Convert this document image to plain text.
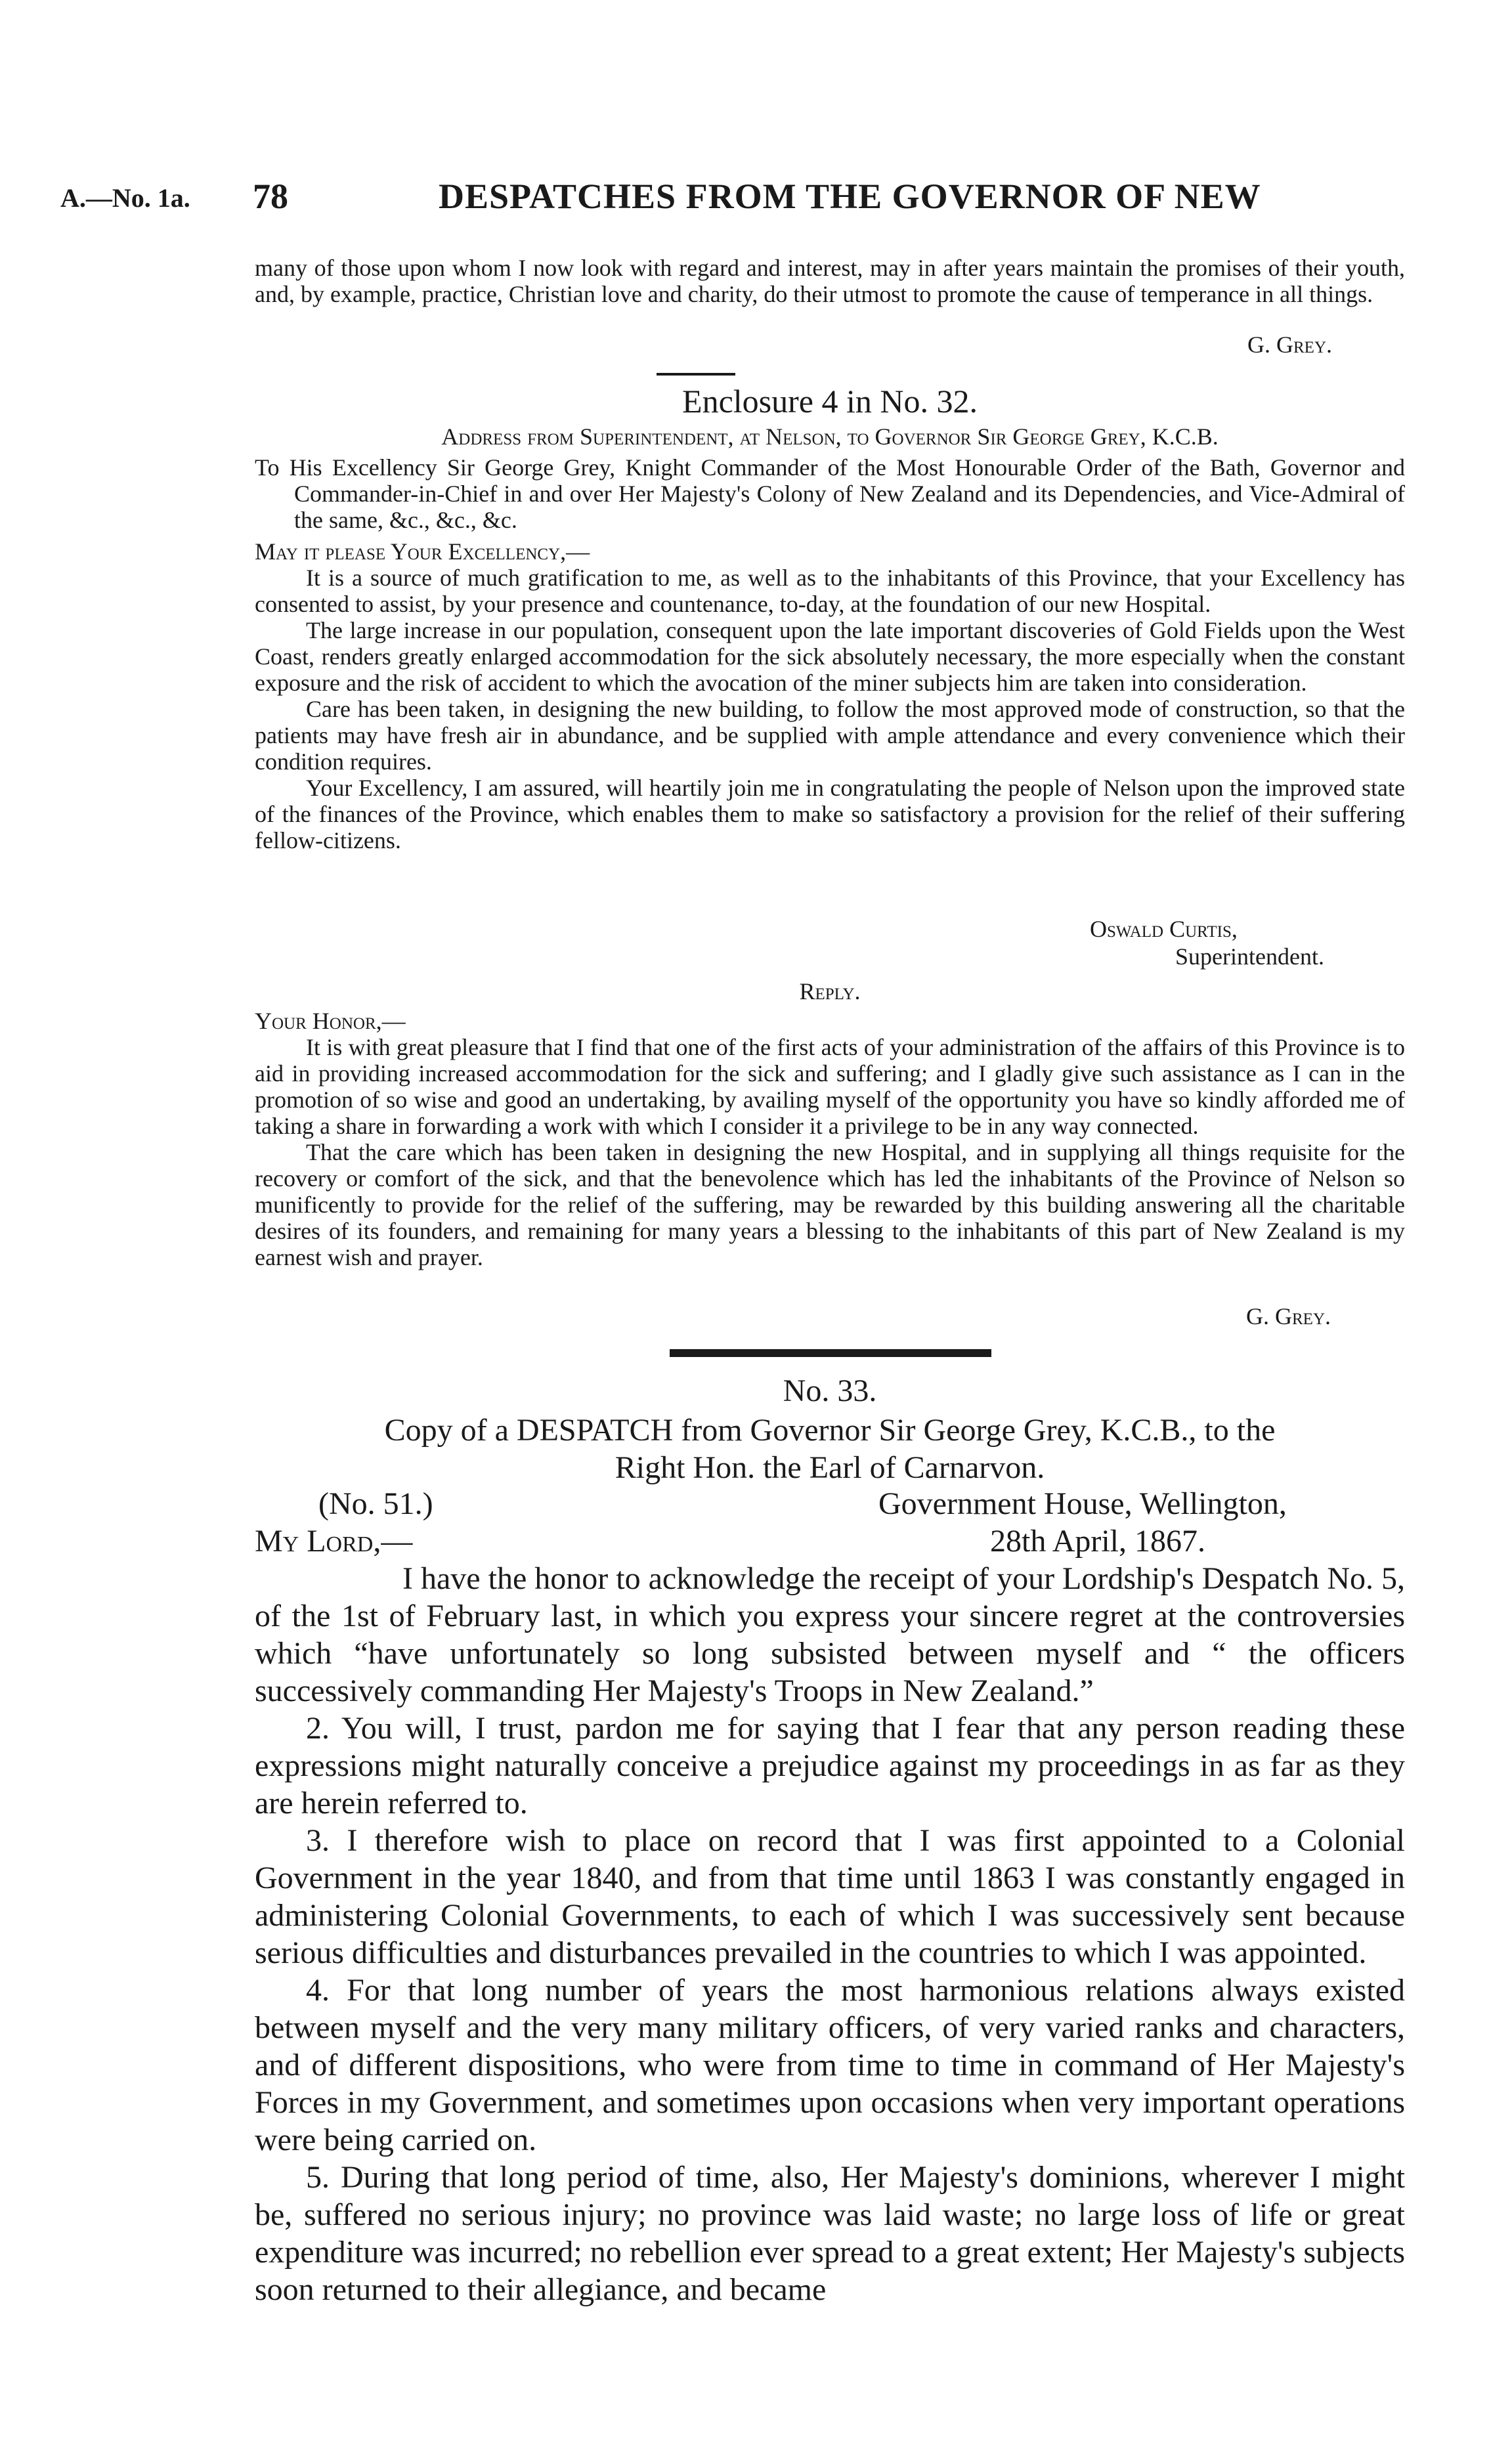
A.—No. 1a. 78	DESPATCHES FROM THE GOVERNOR OF NEW

many of those upon whom I now look with regard and interest, may in after years maintain the promises of their youth, and, by example, practice, Christian love and charity, do their utmost to promote the cause of temperance in all things.

G. Grey.
Enclosure 4 in No. 32.
Address from Superintendent, at Nelson, to Governor Sir George Grey, K.C.B.

To His Excellency Sir George Grey, Knight Commander of the Most Honourable Order of the Bath, Governor and Commander-in-Chief in and over Her Majesty's Colony of New Zealand and its Dependencies, and Vice-Admiral of the same, &c., &c., &c.

May it please Your Excellency,—

It is a source of much gratification to me, as well as to the inhabitants of this Province, that your Excellency has consented to assist, by your presence and countenance, to-day, at the foundation of our new Hospital.

The large increase in our population, consequent upon the late important discoveries of Gold Fields upon the West Coast, renders greatly enlarged accommodation for the sick absolutely necessary, the more especially when the constant exposure and the risk of accident to which the avocation of the miner subjects him are taken into consideration.

Care has been taken, in designing the new building, to follow the most approved mode of construction, so that the patients may have fresh air in abundance, and be supplied with ample attendance and every convenience which their condition requires.

Your Excellency, I am assured, will heartily join me in congratulating the people of Nelson upon the improved state of the finances of the Province, which enables them to make so satisfactory a provision for the relief of their suffering fellow-citizens.

Oswald Curtis,
Superintendent.
Reply.

Your Honor,—

It is with great pleasure that I find that one of the first acts of your administration of the affairs of this Province is to aid in providing increased accommodation for the sick and suffering; and I gladly give such assistance as I can in the promotion of so wise and good an undertaking, by availing myself of the opportunity you have so kindly afforded me of taking a share in forwarding a work with which I consider it a privilege to be in any way connected.

That the care which has been taken in designing the new Hospital, and in supplying all things requisite for the recovery or comfort of the sick, and that the benevolence which has led the inhabitants of the Province of Nelson so munificently to provide for the relief of the suffering, may be rewarded by this building answering all the charitable desires of its founders, and remaining for many years a blessing to the inhabitants of this part of New Zealand is my earnest wish and prayer.

G. Grey.
No. 33.
Copy of a DESPATCH from Governor Sir George Grey, K.C.B., to the
Right Hon. the Earl of Carnarvon.
(No. 51.)	Government House, Wellington,
My Lord,—	28th April, 1867.

I have the honor to acknowledge the receipt of your Lordship's Despatch No. 5, of the 1st of February last, in which you express your sincere regret at the controversies which “have unfortunately so long subsisted between myself and “ the officers successively commanding Her Majesty's Troops in New Zealand.”

2. You will, I trust, pardon me for saying that I fear that any person reading these expressions might naturally conceive a prejudice against my proceedings in as far as they are herein referred to.

3. I therefore wish to place on record that I was first appointed to a Colonial Government in the year 1840, and from that time until 1863 I was constantly engaged in administering Colonial Governments, to each of which I was successively sent because serious difficulties and disturbances prevailed in the countries to which I was appointed.

4. For that long number of years the most harmonious relations always existed between myself and the very many military officers, of very varied ranks and characters, and of different dispositions, who were from time to time in command of Her Majesty's Forces in my Government, and sometimes upon occasions when very important operations were being carried on.

5. During that long period of time, also, Her Majesty's dominions, wherever I might be, suffered no serious injury; no province was laid waste; no large loss of life or great expenditure was incurred; no rebellion ever spread to a great extent; Her Majesty's subjects soon returned to their allegiance, and became
